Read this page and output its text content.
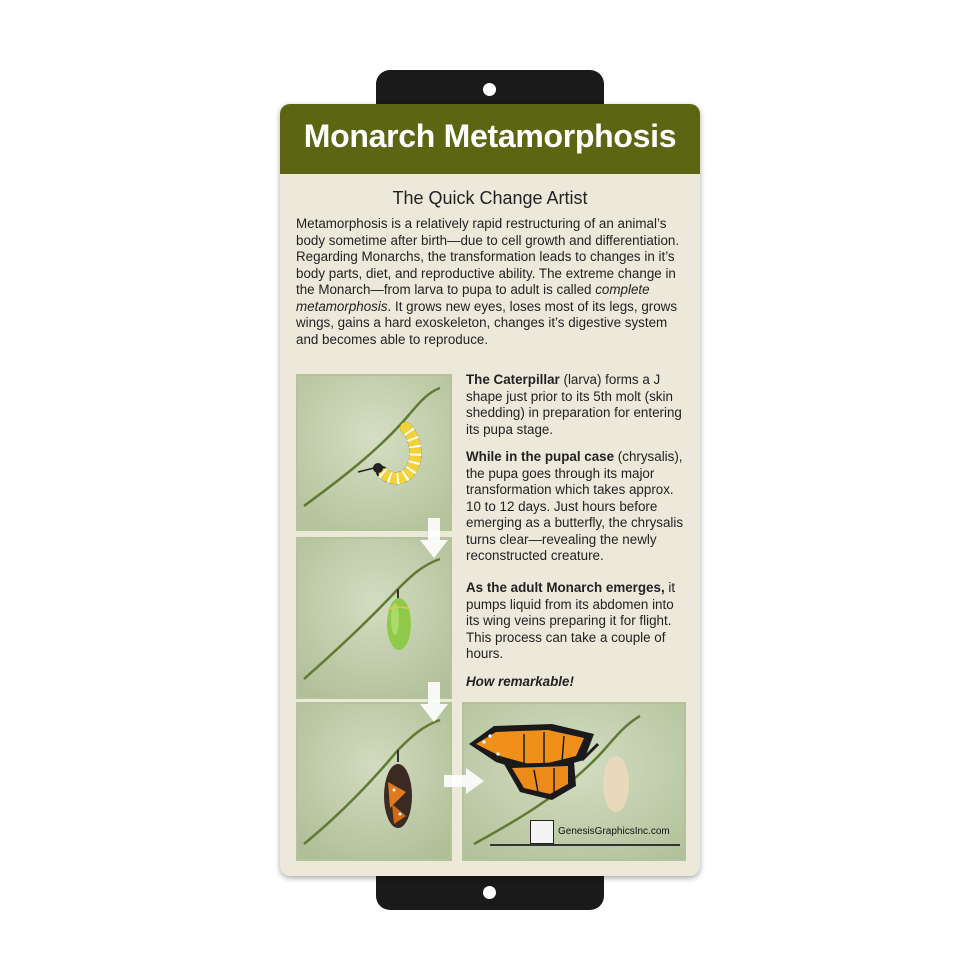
Monarch Metamorphosis
The Quick Change Artist

Metamorphosis is a relatively rapid restructuring of an animal’s body sometime after birth—due to cell growth and differentiation. Regarding Monarchs, the transformation leads to changes in it’s body parts, diet, and reproductive ability. The extreme change in the Monarch—from larva to pupa to adult is called complete metamorphosis. It grows new eyes, loses most of its legs, grows wings, gains a hard exoskeleton, changes it’s digestive system and becomes able to reproduce.

GenesisGraphicsInc.com

The Caterpillar (larva) forms a J shape just prior to its 5th molt (skin shedding) in preparation for entering its pupa stage.

While in the pupal case (chrysalis), the pupa goes through its major transformation which takes approx. 10 to 12 days. Just hours before emerging as a butterfly, the chrysalis turns clear—revealing the newly reconstructed creature.

As the adult Monarch emerges, it pumps liquid from its abdomen into its wing veins preparing it for flight. This process can take a couple of hours.

How remarkable!
